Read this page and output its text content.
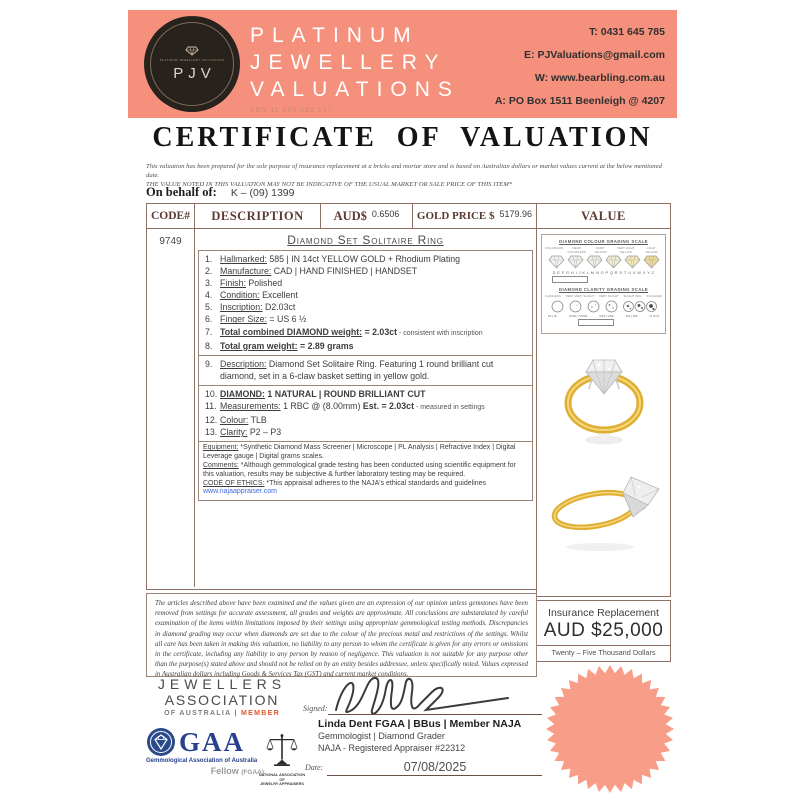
PLATINUM JEWELLERY VALUATIONS
PJV
PLATINUM
JEWELLERY
VALUATIONS
ABN 11 588 192 137
T: 0431 645 785
E: PJValuations@gmail.com
W: www.bearbling.com.au
A: PO Box 1511 Beenleigh @ 4207
CERTIFICATE OF VALUATION
This valuation has been prepared for the sole purpose of insurance replacement at a bricks and mortar store and is based on Australian dollars or market values current at the below mentioned date.
THE VALUE NOTED IN THIS VALUATION MAY NOT BE INDICATIVE OF THE USUAL MARKET OR SALE PRICE OF THIS ITEM*
On behalf of: K – (09) 1399
CODE#	DESCRIPTION	AUD$ 0.6506 GOLD PRICE $ 5179.96
9749	Diamond Set Solitaire Ring
1. Hallmarked: 585 | IN 14ct YELLOW GOLD + Rhodium Plating
2. Manufacture: CAD | HAND FINISHED | HANDSET
3. Finish: Polished
4. Condition: Excellent
5. Inscription: D2.03ct
6. Finger Size: = US 6 ½
7. Total combined DIAMOND weight: = 2.03ct - consistent with inscription
8. Total gram weight: = 2.89 grams
9. Description: Diamond Set Solitaire Ring. Featuring 1 round brilliant cut diamond, set in a 6-claw basket setting in yellow gold.
10. DIAMOND: 1 NATURAL | ROUND BRILLIANT CUT
11. Measurements: 1 RBC @ (8.00mm) Est. = 2.03ct - measured in settings
12. Colour: TLB
13. Clarity: P2 – P3
Equipment: *Synthetic Diamond Mass Screener | Microscope | PL Analysis | Refractive Index | Digital Leverage gauge | Digital grams scales.
Comments: *Although gemmological grade testing has been conducted using scientific equipment for this valuation, results may be subjective & further laboratory testing may be required.
CODE OF ETHICS: *This appraisal adheres to the NAJA's ethical standards and guidelines www.najaappraiser.com
VALUE
DIAMOND COLOUR GRADING SCALE
COLORLESS	NEAR COLORLESS
FAINT YELLOW
VERY LIGHT YELLOW
LIGHT YELLOW
D E F G H I J K L M N O P Q R S T U V W X Y Z
DIAMOND CLARITY GRADING SCALE
FLAWLESS VERY VERY SLIGHT VERY SLIGHT SLIGHT INCL INCLUDED
FL | IF	VVS1 | VVS2	VS1 | VS2	SI1 | SI2	I1 I2 I3
Insurance Replacement
AUD $25,000
Twenty – Five Thousand Dollars
The articles described above have been examined and the values given are an expression of our opinion unless gemstones have been removed from settings for accurate assessment, all grades and weights are approximate. All conclusions are substantiated by careful examination of the items within limitations imposed by their settings using appropriate gemmological testing methods. Discrepancies in diamond grading may occur when diamonds are set due to the colour of the precious metal and restrictions of the settings. Whilst all care has been taken in making this valuation, no liability to any person to whom the certificate is given for any errors or omissions in the certificate, including any liability to any person by reason of negligence. This valuation is not suitable for any purpose other than the purpose(s) stated above and should not be relied on by an entity besides addressee, unless specifically noted. Values expressed in Australian dollars including Goods & Services Tax (GST) and current market conditions.
JEWELLERS
ASSOCIATION
OF AUSTRALIA | MEMBER
GAA
Gemmological Association of Australia
Fellow (FGAA)
NATIONAL ASSOCIATION OF
JEWELRY APPRAISERS
Signed:
Linda Dent FGAA | BBus | Member NAJA
Gemmologist | Diamond Grader
NAJA - Registered Appraiser #22312
Date:	07/08/2025
